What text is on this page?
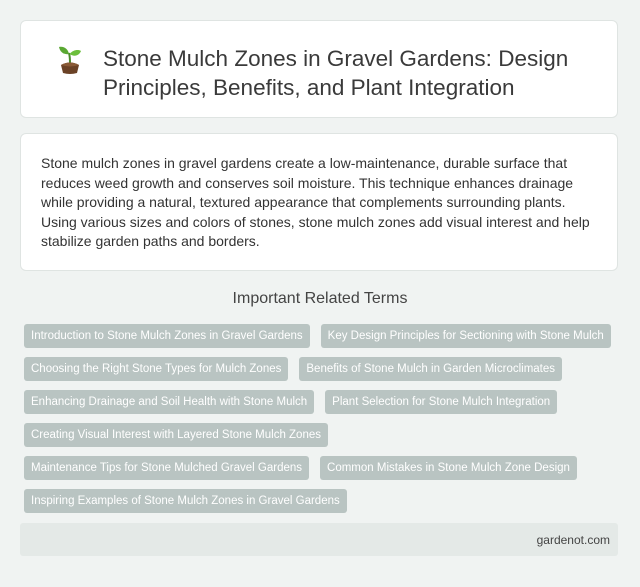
Stone Mulch Zones in Gravel Gardens: Design Principles, Benefits, and Plant Integration

Stone mulch zones in gravel gardens create a low-maintenance, durable surface that reduces weed growth and conserves soil moisture. This technique enhances drainage while providing a natural, textured appearance that complements surrounding plants. Using various sizes and colors of stones, stone mulch zones add visual interest and help stabilize garden paths and borders.

Important Related Terms
Introduction to Stone Mulch Zones in Gravel Gardens	Key Design Principles for Sectioning with Stone Mulch
Choosing the Right Stone Types for Mulch Zones	Benefits of Stone Mulch in Garden Microclimates
Enhancing Drainage and Soil Health with Stone Mulch	Plant Selection for Stone Mulch Integration
Creating Visual Interest with Layered Stone Mulch Zones
Maintenance Tips for Stone Mulched Gravel Gardens	Common Mistakes in Stone Mulch Zone Design
Inspiring Examples of Stone Mulch Zones in Gravel Gardens
gardenot.com
